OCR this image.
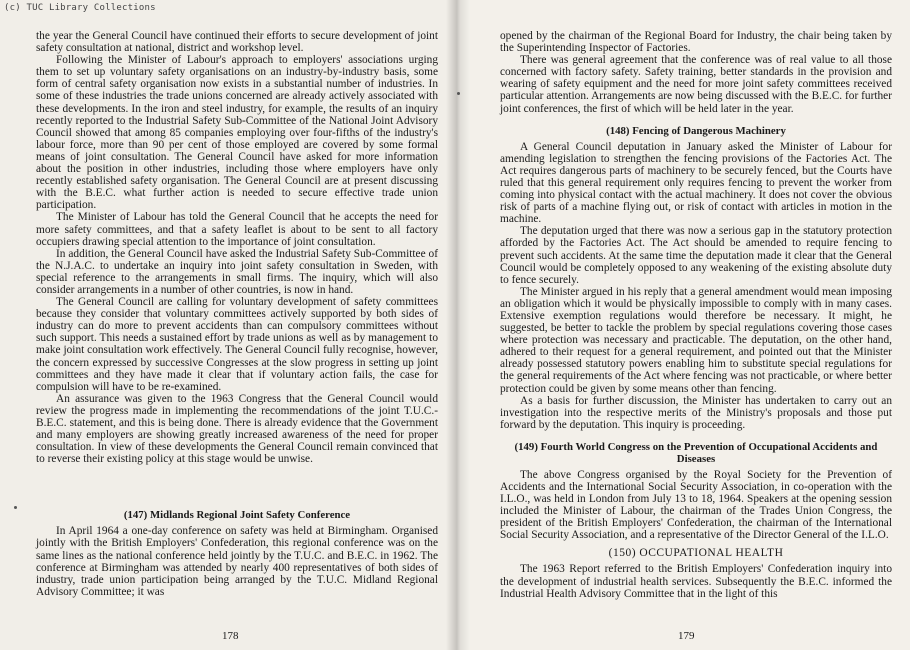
the year the General Council have continued their efforts to secure development of joint safety consultation at national, district and workshop level.

Following the Minister of Labour's approach to employers' associations urging them to set up voluntary safety organisations on an industry-by-industry basis, some form of central safety organisation now exists in a substantial number of industries. In some of these industries the trade unions concerned are already actively associated with these developments. In the iron and steel industry, for example, the results of an inquiry recently reported to the Industrial Safety Sub-Committee of the National Joint Advisory Council showed that among 85 companies employing over four-fifths of the industry's labour force, more than 90 per cent of those employed are covered by some formal means of joint consultation. The General Council have asked for more information about the position in other industries, including those where employers have only recently established safety organisation. The General Council are at present discussing with the B.E.C. what further action is needed to secure effective trade union participation.

The Minister of Labour has told the General Council that he accepts the need for more safety committees, and that a safety leaflet is about to be sent to all factory occupiers drawing special attention to the importance of joint consultation.

In addition, the General Council have asked the Industrial Safety Sub-Committee of the N.J.A.C. to undertake an inquiry into joint safety consultation in Sweden, with special reference to the arrangements in small firms. The inquiry, which will also consider arrangements in a number of other countries, is now in hand.

The General Council are calling for voluntary development of safety committees because they consider that voluntary committees actively supported by both sides of industry can do more to prevent accidents than can compulsory committees without such support. This needs a sustained effort by trade unions as well as by management to make joint consultation work effectively. The General Council fully recognise, however, the concern expressed by successive Congresses at the slow progress in setting up joint committees and they have made it clear that if voluntary action fails, the case for compulsion will have to be re-examined.

An assurance was given to the 1963 Congress that the General Council would review the progress made in implementing the recommendations of the joint T.U.C.-B.E.C. statement, and this is being done. There is already evidence that the Government and many employers are showing greatly increased awareness of the need for proper consultation. In view of these developments the General Council remain convinced that to reverse their existing policy at this stage would be unwise.

(147) Midlands Regional Joint Safety Conference

In April 1964 a one-day conference on safety was held at Birmingham. Organised jointly with the British Employers' Confederation, this regional conference was on the same lines as the national conference held jointly by the T.U.C. and B.E.C. in 1962. The conference at Birmingham was attended by nearly 400 representatives of both sides of industry, trade union participation being arranged by the T.U.C. Midland Regional Advisory Committee; it was

178

opened by the chairman of the Regional Board for Industry, the chair being taken by the Superintending Inspector of Factories.

There was general agreement that the conference was of real value to all those concerned with factory safety. Safety training, better standards in the provision and wearing of safety equipment and the need for more joint safety committees received particular attention. Arrangements are now being discussed with the B.E.C. for further joint conferences, the first of which will be held later in the year.

(148) Fencing of Dangerous Machinery

A General Council deputation in January asked the Minister of Labour for amending legislation to strengthen the fencing provisions of the Factories Act. The Act requires dangerous parts of machinery to be securely fenced, but the Courts have ruled that this general requirement only requires fencing to prevent the worker from coming into physical contact with the actual machinery. It does not cover the obvious risk of parts of a machine flying out, or risk of contact with articles in motion in the machine.

The deputation urged that there was now a serious gap in the statutory protection afforded by the Factories Act. The Act should be amended to require fencing to prevent such accidents. At the same time the deputation made it clear that the General Council would be completely opposed to any weakening of the existing absolute duty to fence securely.

The Minister argued in his reply that a general amendment would mean imposing an obligation which it would be physically impossible to comply with in many cases. Extensive exemption regulations would therefore be necessary. It might, he suggested, be better to tackle the problem by special regulations covering those cases where protection was necessary and practicable. The deputation, on the other hand, adhered to their request for a general requirement, and pointed out that the Minister already possessed statutory powers enabling him to substitute special regulations for the general requirements of the Act where fencing was not practicable, or where better protection could be given by some means other than fencing.

As a basis for further discussion, the Minister has undertaken to carry out an investigation into the respective merits of the Ministry's proposals and those put forward by the deputation. This inquiry is proceeding.

(149) Fourth World Congress on the Prevention of Occupational Accidents and Diseases

The above Congress organised by the Royal Society for the Prevention of Accidents and the International Social Security Association, in co-operation with the I.L.O., was held in London from July 13 to 18, 1964. Speakers at the opening session included the Minister of Labour, the chairman of the Trades Union Congress, the president of the British Employers' Confederation, the chairman of the International Social Security Association, and a representative of the Director General of the I.L.O.

(150) OCCUPATIONAL HEALTH

The 1963 Report referred to the British Employers' Confederation inquiry into the development of industrial health services. Subsequently the B.E.C. informed the Industrial Health Advisory Committee that in the light of this

179
(c) TUC Library Collections
